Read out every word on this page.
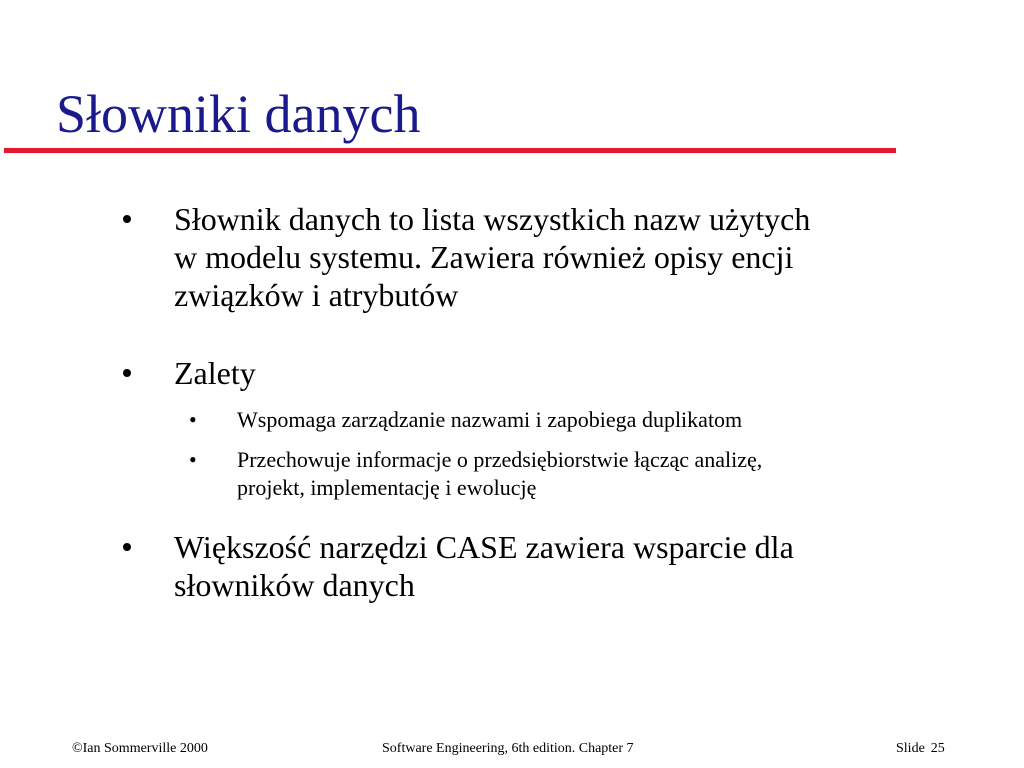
Słowniki danych
Słownik danych to lista wszystkich nazw użytych
w modelu systemu. Zawiera również opisy encji
związków i atrybutów
Zalety
• Wspomaga zarządzanie nazwami i zapobiega duplikatom
• Przechowuje informacje o przedsiębiorstwie łącząc analizę,
projekt, implementację i ewolucję
Większość narzędzi CASE zawiera wsparcie dla
słowników danych
©Ian Sommerville 2000	Software Engineering, 6th edition. Chapter 7	Slide 25
